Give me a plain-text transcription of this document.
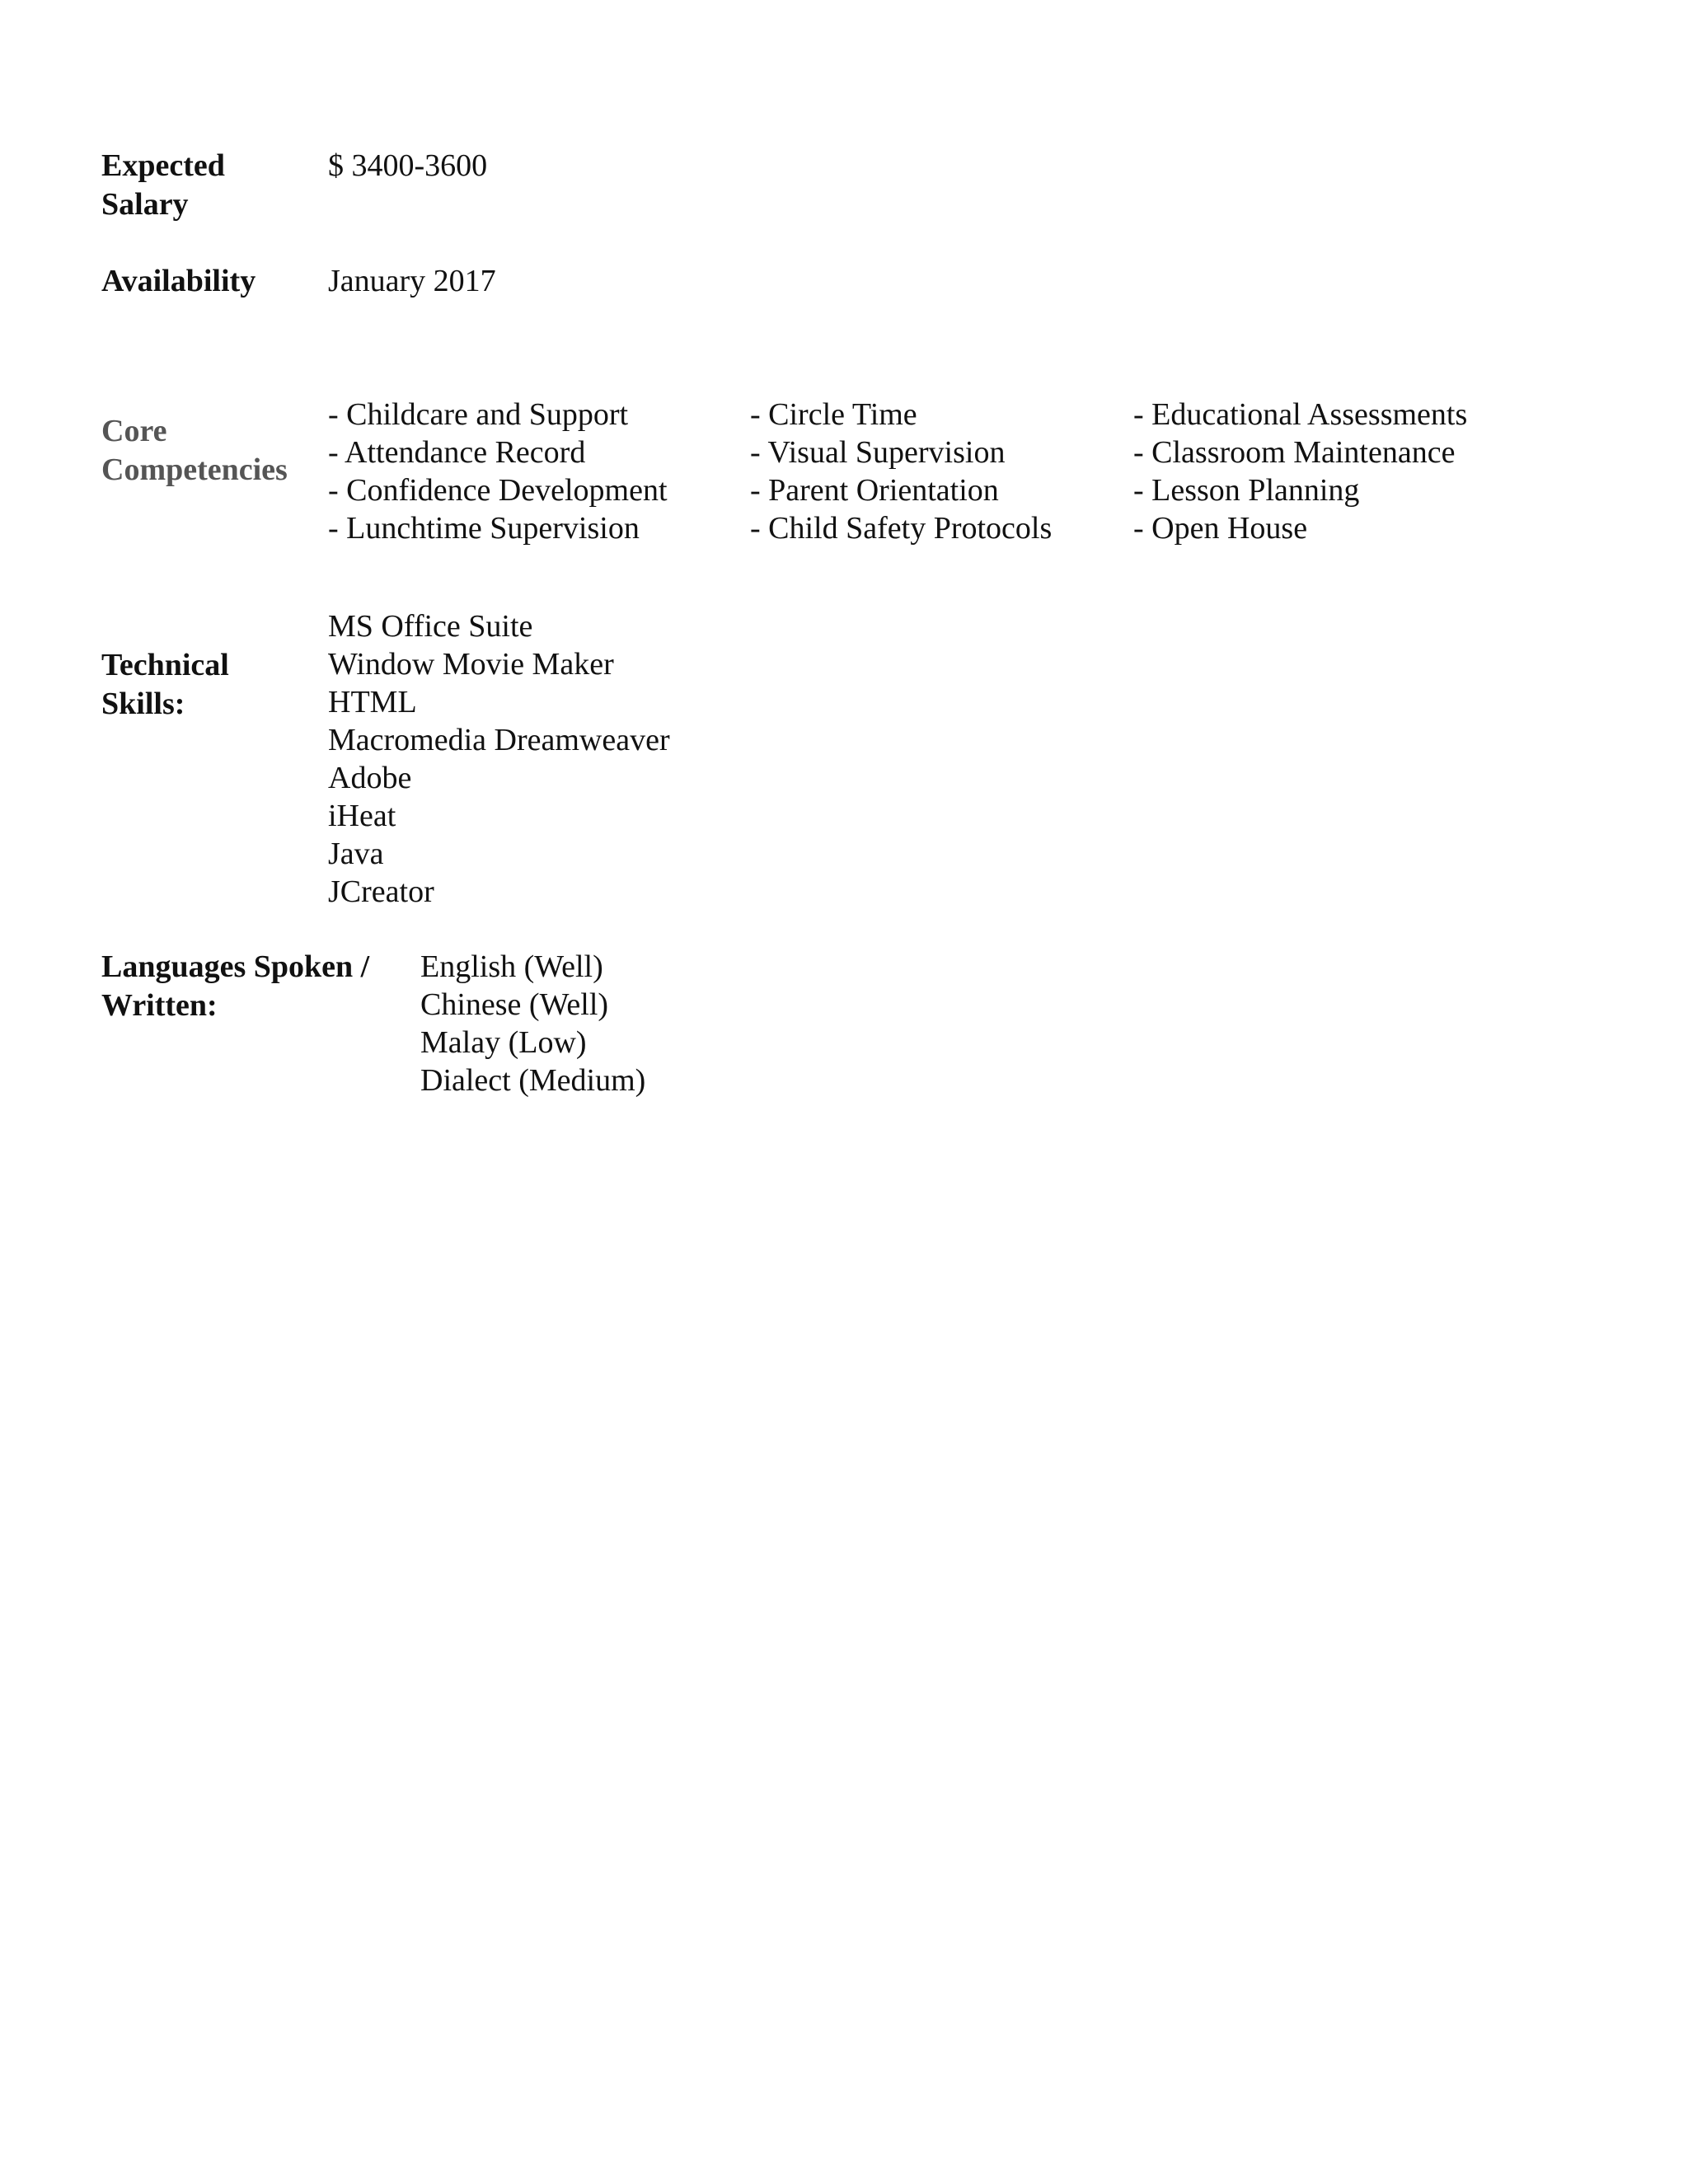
Expected
Salary
$ 3400-3600
Availability January 2017
Core
Competencies
- Childcare and Support
- Attendance Record
- Confidence Development
- Lunchtime Supervision
- Circle Time
- Visual Supervision
- Parent Orientation
- Child Safety Protocols
- Educational Assessments
- Classroom Maintenance
- Lesson Planning
- Open House
Technical
Skills:
MS Office Suite
Window Movie Maker
HTML
Macromedia Dreamweaver
Adobe
iHeat
Java
JCreator
Languages Spoken /
Written:
English (Well)
Chinese (Well)
Malay (Low)
Dialect (Medium)
